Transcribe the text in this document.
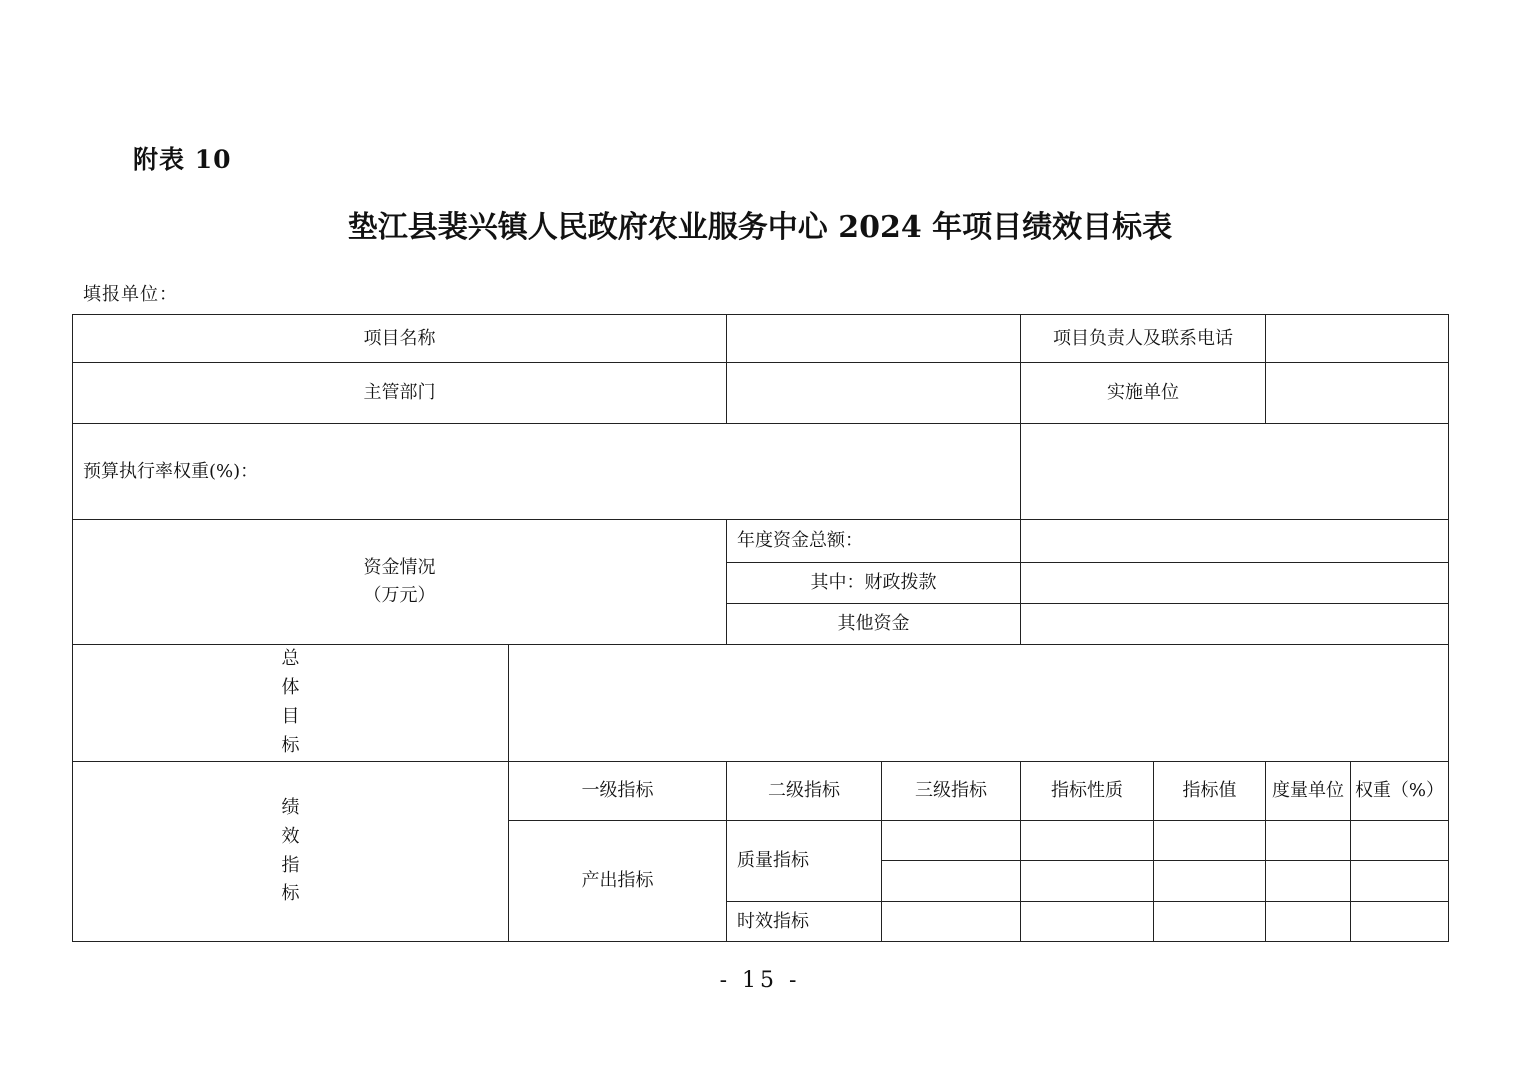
附表 10
垫江县裴兴镇人民政府农业服务中心 2024 年项目绩效目标表
填报单位：
项目名称				项目负责人及联系电话			
主管部门				实施单位			
预算执行率权重(%)：							

资金情况
（万元）		年度资金总额：					
		其中：财政拨款					
		其他资金					
总体目标							
绩效指标	一级指标	二级指标	三级指标	指标性质	指标值	度量单位	权重（%）
	产出指标	质量指标					

		时效指标					
- 15 -
